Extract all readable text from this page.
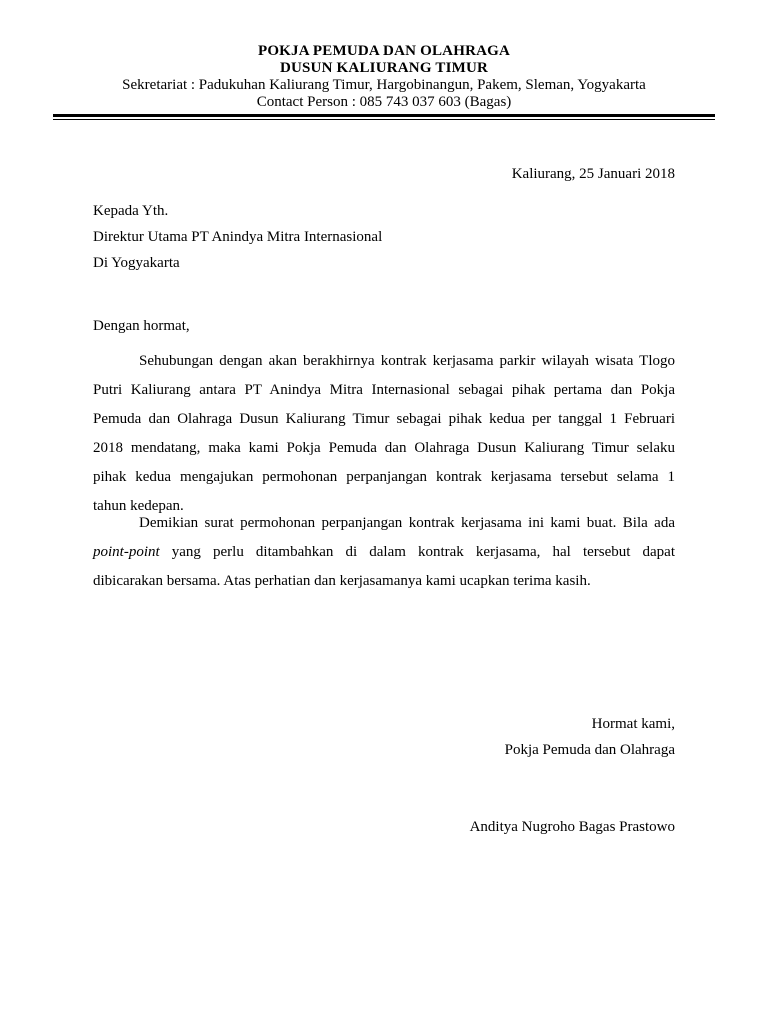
POKJA PEMUDA DAN OLAHRAGA
DUSUN KALIURANG TIMUR
Sekretariat : Padukuhan Kaliurang Timur, Hargobinangun, Pakem, Sleman, Yogyakarta
Contact Person : 085 743 037 603 (Bagas)
Kaliurang, 25 Januari 2018
Kepada Yth.
Direktur Utama PT Anindya Mitra Internasional
Di Yogyakarta
Dengan hormat,
Sehubungan dengan akan berakhirnya kontrak kerjasama parkir wilayah wisata Tlogo
Putri Kaliurang antara PT Anindya Mitra Internasional sebagai pihak pertama dan Pokja
Pemuda dan Olahraga Dusun Kaliurang Timur sebagai pihak kedua per tanggal 1 Februari
2018 mendatang, maka kami Pokja Pemuda dan Olahraga Dusun Kaliurang Timur selaku
pihak kedua mengajukan permohonan perpanjangan kontrak kerjasama tersebut selama 1
tahun kedepan.
Demikian surat permohonan perpanjangan kontrak kerjasama ini kami buat. Bila ada
point-point yang perlu ditambahkan di dalam kontrak kerjasama, hal tersebut dapat
dibicarakan bersama. Atas perhatian dan kerjasamanya kami ucapkan terima kasih.
Hormat kami,
Pokja Pemuda dan Olahraga
Anditya Nugroho Bagas Prastowo
